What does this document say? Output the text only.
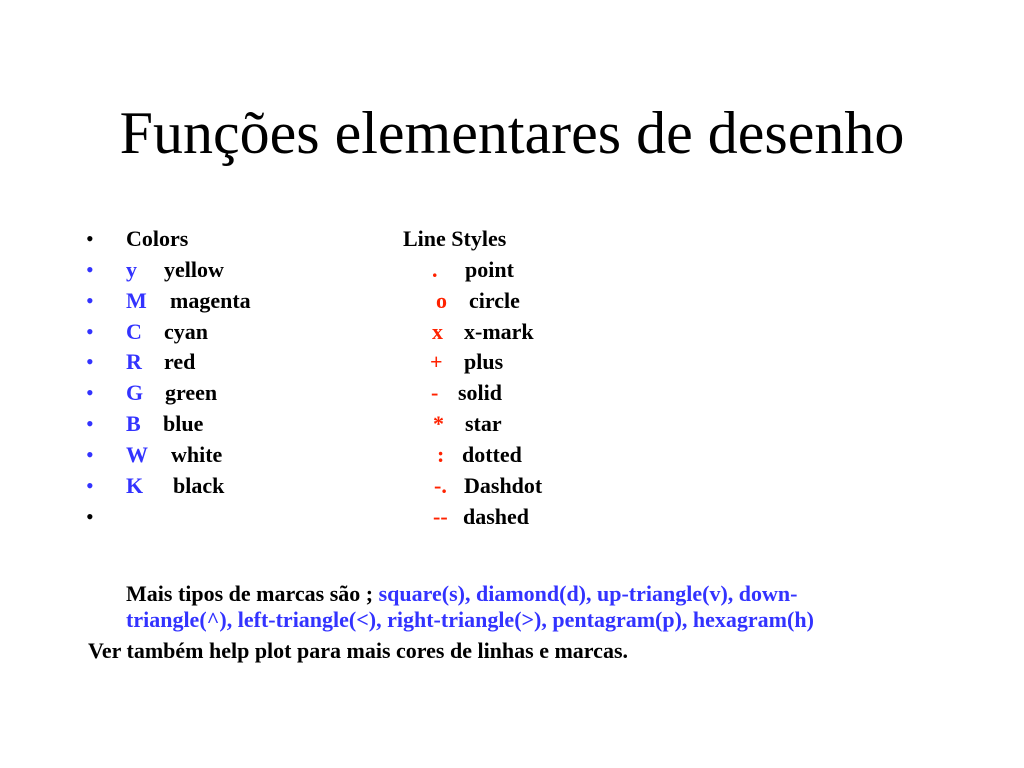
Funções elementares de desenho
• Colors	Line Styles
• y yellow	. point
• M magenta	o circle
• C cyan	x x-mark
• R red	+ plus
• G green	- solid
• B blue	* star
• W white	: dotted
• K black	-. Dashdot
•	-- dashed
Mais tipos de marcas são ; square(s), diamond(d), up-triangle(v), down-
triangle(^), left-triangle(<), right-triangle(>), pentagram(p), hexagram(h)
Ver também help plot para mais cores de linhas e marcas.
